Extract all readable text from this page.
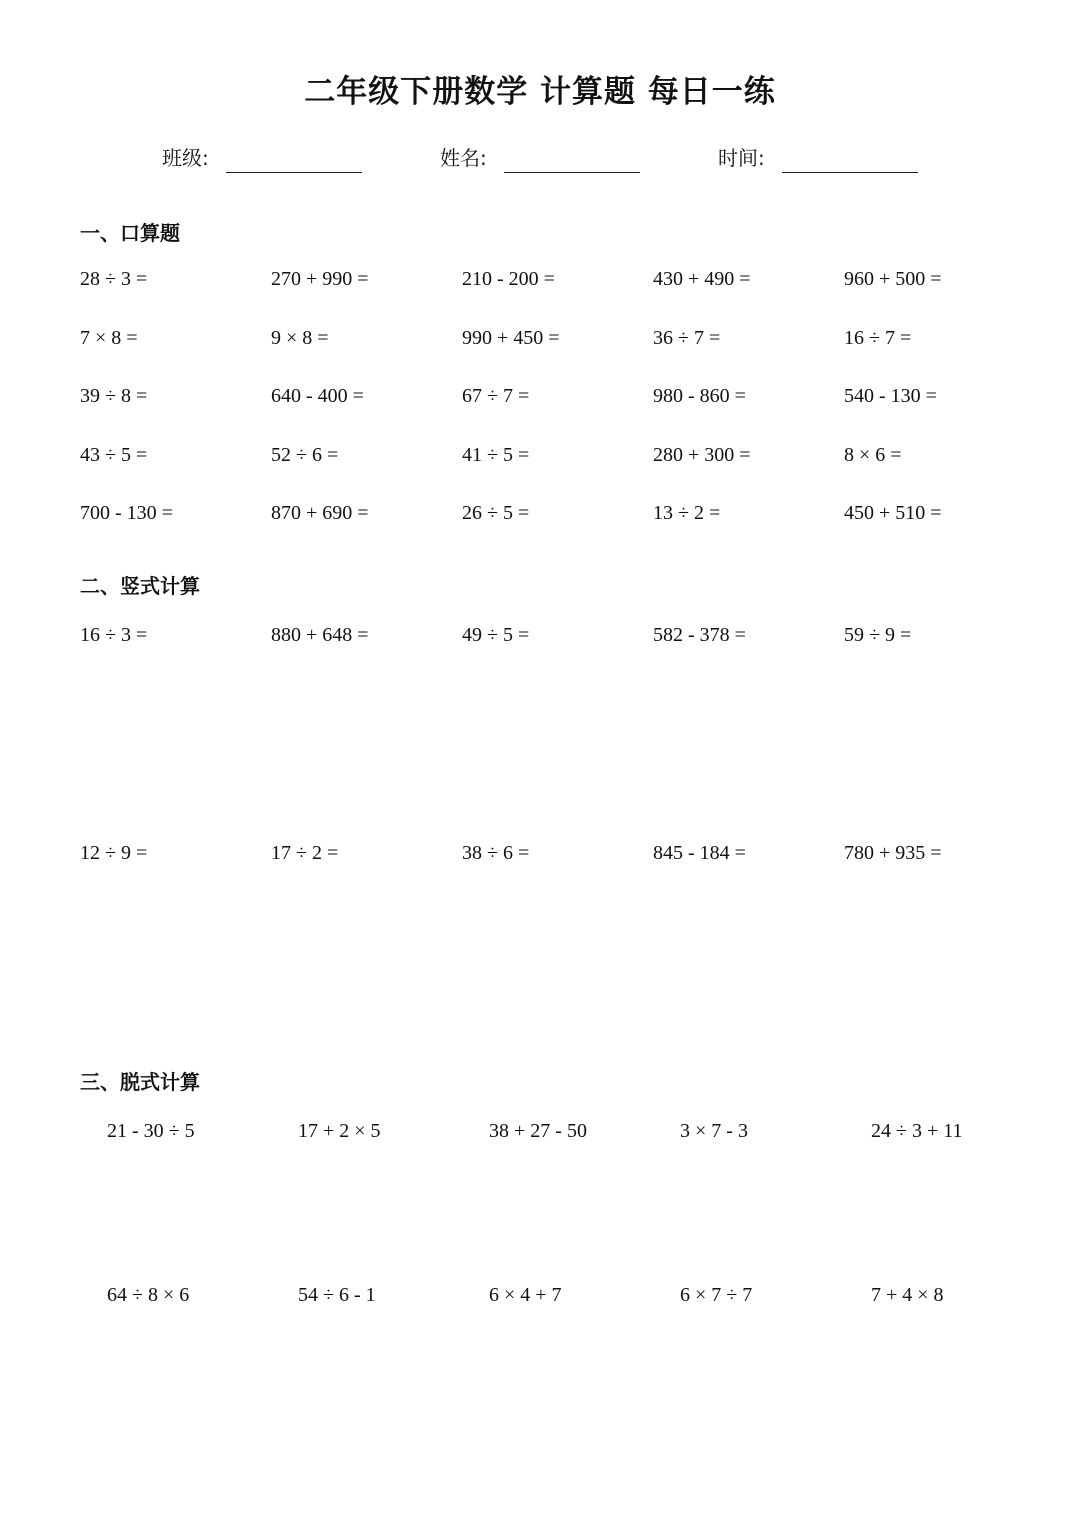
二年级下册数学 计算题 每日一练
班级:	姓名:	时间:
一、口算题
28 ÷ 3 =	270 + 990 =	210 - 200 =	430 + 490 =	960 + 500 =
7 × 8 =	9 × 8 =	990 + 450 =	36 ÷ 7 =	16 ÷ 7 =
39 ÷ 8 =	640 - 400 =	67 ÷ 7 =	980 - 860 =	540 - 130 =
43 ÷ 5 =	52 ÷ 6 =	41 ÷ 5 =	280 + 300 =	8 × 6 =
700 - 130 =	870 + 690 =	26 ÷ 5 =	13 ÷ 2 =	450 + 510 =
二、竖式计算
16 ÷ 3 =	880 + 648 =	49 ÷ 5 =	582 - 378 =	59 ÷ 9 =
12 ÷ 9 =	17 ÷ 2 =	38 ÷ 6 =	845 - 184 =	780 + 935 =
三、脱式计算
21 - 30 ÷ 5	17 + 2 × 5	38 + 27 - 50	3 × 7 - 3	24 ÷ 3 + 11
64 ÷ 8 × 6	54 ÷ 6 - 1	6 × 4 + 7	6 × 7 ÷ 7	7 + 4 × 8
